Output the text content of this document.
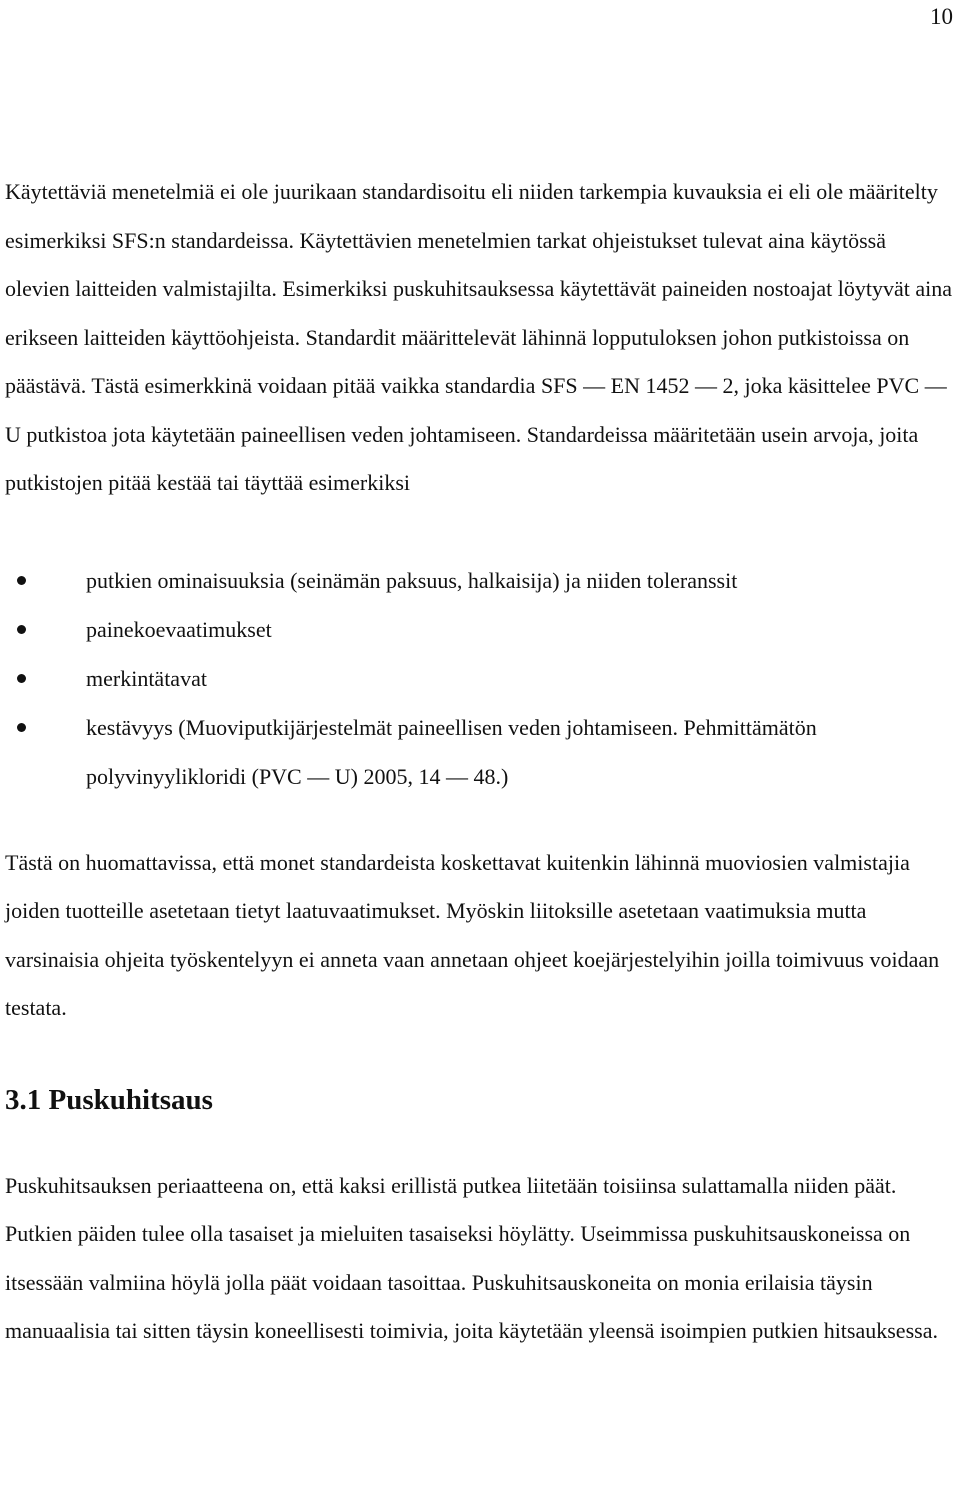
10

Käytettäviä menetelmiä ei ole juurikaan standardisoitu eli niiden tarkempia kuvauksia ei eli ole määritelty esimerkiksi SFS:n standardeissa. Käytettävien menetelmien tarkat ohjeistukset tulevat aina käytössä olevien laitteiden valmistajilta. Esimerkiksi puskuhitsauksessa käytettävät paineiden nostoajat löytyvät aina erikseen laitteiden käyttöohjeista. Standardit määrittelevät lähinnä lopputuloksen johon putkistoissa on päästävä. Tästä esimerkkinä voidaan pitää vaikka standardia SFS — EN 1452 — 2, joka käsittelee PVC — U putkistoa jota käytetään paineellisen veden johtamiseen. Standardeissa määritetään usein arvoja, joita putkistojen pitää kestää tai täyttää esimerkiksi

putkien ominaisuuksia (seinämän paksuus, halkaisija) ja niiden toleranssit
painekoevaatimukset
merkintätavat
kestävyys (Muoviputkijärjestelmät paineellisen veden johtamiseen. Pehmittämätön polyvinyylikloridi (PVC — U) 2005, 14 — 48.)

Tästä on huomattavissa, että monet standardeista koskettavat kuitenkin lähinnä muoviosien valmistajia joiden tuotteille asetetaan tietyt laatuvaatimukset. Myöskin liitoksille asetetaan vaatimuksia mutta varsinaisia ohjeita työskentelyyn ei anneta vaan annetaan ohjeet koejärjestelyihin joilla toimivuus voidaan testata.

3.1 Puskuhitsaus

Puskuhitsauksen periaatteena on, että kaksi erillistä putkea liitetään toisiinsa sulattamalla niiden päät. Putkien päiden tulee olla tasaiset ja mieluiten tasaiseksi höylätty. Useimmissa puskuhitsauskoneissa on itsessään valmiina höylä jolla päät voidaan tasoittaa. Puskuhitsauskoneita on monia erilaisia täysin manuaalisia tai sitten täysin koneellisesti toimivia, joita käytetään yleensä isoimpien putkien hitsauksessa.
